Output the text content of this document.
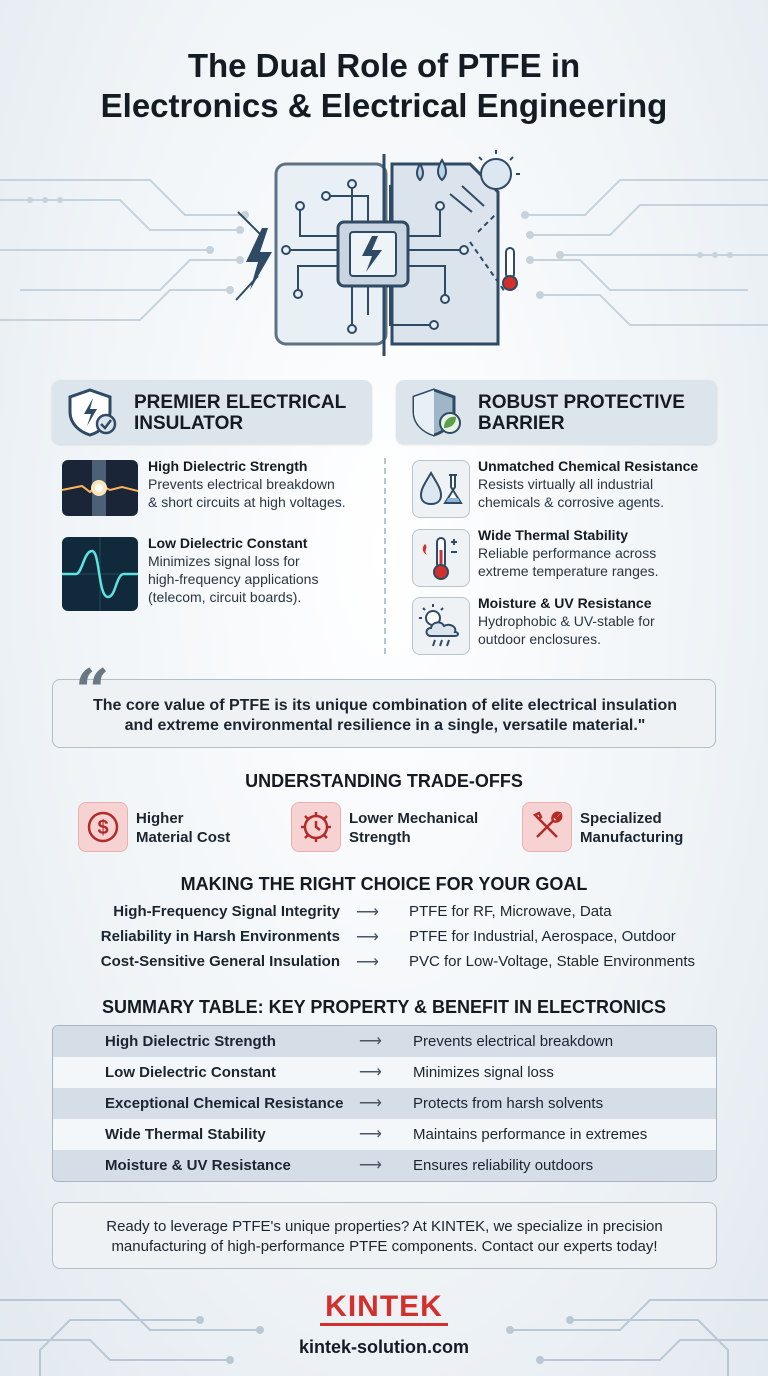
The Dual Role of PTFE in
Electronics & Electrical Engineering
PREMIER ELECTRICAL
INSULATOR
ROBUST PROTECTIVE
BARRIER
High Dielectric Strength
Prevents electrical breakdown
& short circuits at high voltages.
Low Dielectric Constant
Minimizes signal loss for
high-frequency applications
(telecom, circuit boards).
Unmatched Chemical Resistance
Resists virtually all industrial
chemicals & corrosive agents.
Wide Thermal Stability
Reliable performance across
extreme temperature ranges.
Moisture & UV Resistance
Hydrophobic & UV-stable for
outdoor enclosures.
“
The core value of PTFE is its unique combination of elite electrical insulation
and extreme environmental resilience in a single, versatile material."
UNDERSTANDING TRADE-OFFS
$ Higher
Material Cost
Lower Mechanical
Strength
Specialized
Manufacturing
MAKING THE RIGHT CHOICE FOR YOUR GOAL
High-Frequency Signal Integrity ⟶ PTFE for RF, Microwave, Data
Reliability in Harsh Environments ⟶ PTFE for Industrial, Aerospace, Outdoor
Cost-Sensitive General Insulation ⟶ PVC for Low-Voltage, Stable Environments
SUMMARY TABLE: KEY PROPERTY & BENEFIT IN ELECTRONICS
High Dielectric Strength	⟶ Prevents electrical breakdown
Low Dielectric Constant	⟶ Minimizes signal loss
Exceptional Chemical Resistance ⟶ Protects from harsh solvents
Wide Thermal Stability	⟶ Maintains performance in extremes
Moisture & UV Resistance	⟶ Ensures reliability outdoors
Ready to leverage PTFE's unique properties? At KINTEK, we specialize in precision
manufacturing of high-performance PTFE components. Contact our experts today!
KINTEK
kintek-solution.com
